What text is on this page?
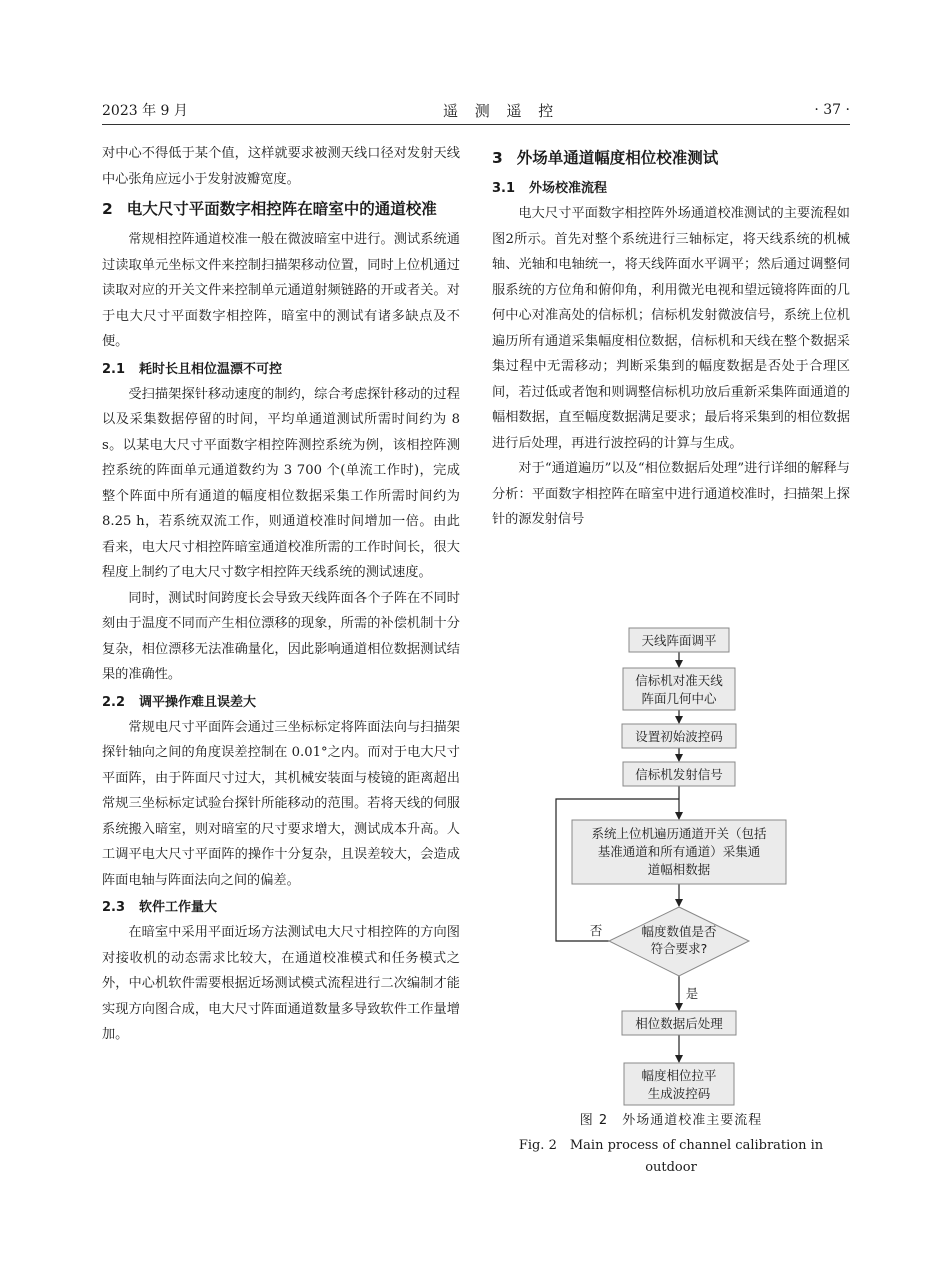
2023 年 9 月	遥 测 遥 控	· 37 ·

对中心不得低于某个值，这样就要求被测天线口径对发射天线中心张角应远小于发射波瓣宽度。

2 电大尺寸平面数字相控阵在暗室中的通道校准

常规相控阵通道校准一般在微波暗室中进行。测试系统通过读取单元坐标文件来控制扫描架移动位置，同时上位机通过读取对应的开关文件来控制单元通道射频链路的开或者关。对于电大尺寸平面数字相控阵，暗室中的测试有诸多缺点及不便。

2.1 耗时长且相位温漂不可控

受扫描架探针移动速度的制约，综合考虑探针移动的过程以及采集数据停留的时间，平均单通道测试所需时间约为 8 s。以某电大尺寸平面数字相控阵测控系统为例，该相控阵测控系统的阵面单元通道数约为 3 700 个(单流工作时)，完成整个阵面中所有通道的幅度相位数据采集工作所需时间约为 8.25 h，若系统双流工作，则通道校准时间增加一倍。由此看来，电大尺寸相控阵暗室通道校准所需的工作时间长，很大程度上制约了电大尺寸数字相控阵天线系统的测试速度。

同时，测试时间跨度长会导致天线阵面各个子阵在不同时刻由于温度不同而产生相位漂移的现象，所需的补偿机制十分复杂，相位漂移无法准确量化，因此影响通道相位数据测试结果的准确性。

2.2 调平操作难且误差大

常规电尺寸平面阵会通过三坐标标定将阵面法向与扫描架探针轴向之间的角度误差控制在 0.01°之内。而对于电大尺寸平面阵，由于阵面尺寸过大，其机械安装面与棱镜的距离超出常规三坐标标定试验台探针所能移动的范围。若将天线的伺服系统搬入暗室，则对暗室的尺寸要求增大，测试成本升高。人工调平电大尺寸平面阵的操作十分复杂，且误差较大，会造成阵面电轴与阵面法向之间的偏差。

2.3 软件工作量大

在暗室中采用平面近场方法测试电大尺寸相控阵的方向图对接收机的动态需求比较大，在通道校准模式和任务模式之外，中心机软件需要根据近场测试模式流程进行二次编制才能实现方向图合成，电大尺寸阵面通道数量多导致软件工作量增加。

3 外场单通道幅度相位校准测试
3.1 外场校准流程

电大尺寸平面数字相控阵外场通道校准测试的主要流程如图2所示。首先对整个系统进行三轴标定，将天线系统的机械轴、光轴和电轴统一，将天线阵面水平调平；然后通过调整伺服系统的方位角和俯仰角，利用微光电视和望远镜将阵面的几何中心对准高处的信标机；信标机发射微波信号，系统上位机遍历所有通道采集幅度相位数据，信标机和天线在整个数据采集过程中无需移动；判断采集到的幅度数据是否处于合理区间，若过低或者饱和则调整信标机功放后重新采集阵面通道的幅相数据，直至幅度数据满足要求；最后将采集到的相位数据进行后处理，再进行波控码的计算与生成。

对于“通道遍历”以及“相位数据后处理”进行详细的解释与分析：平面数字相控阵在暗室中进行通道校准时，扫描架上探针的源发射信号

天线阵面调平
信标机对准天线
阵面几何中心
设置初始波控码
信标机发射信号
系统上位机遍历通道开关（包括
基准通道和所有通道）采集通
道幅相数据
幅度数值是否
符合要求?
相位数据后处理
否
是
幅度相位拉平
生成波控码
图 2　外场通道校准主要流程
Fig. 2　Main process of channel calibration in outdoor
